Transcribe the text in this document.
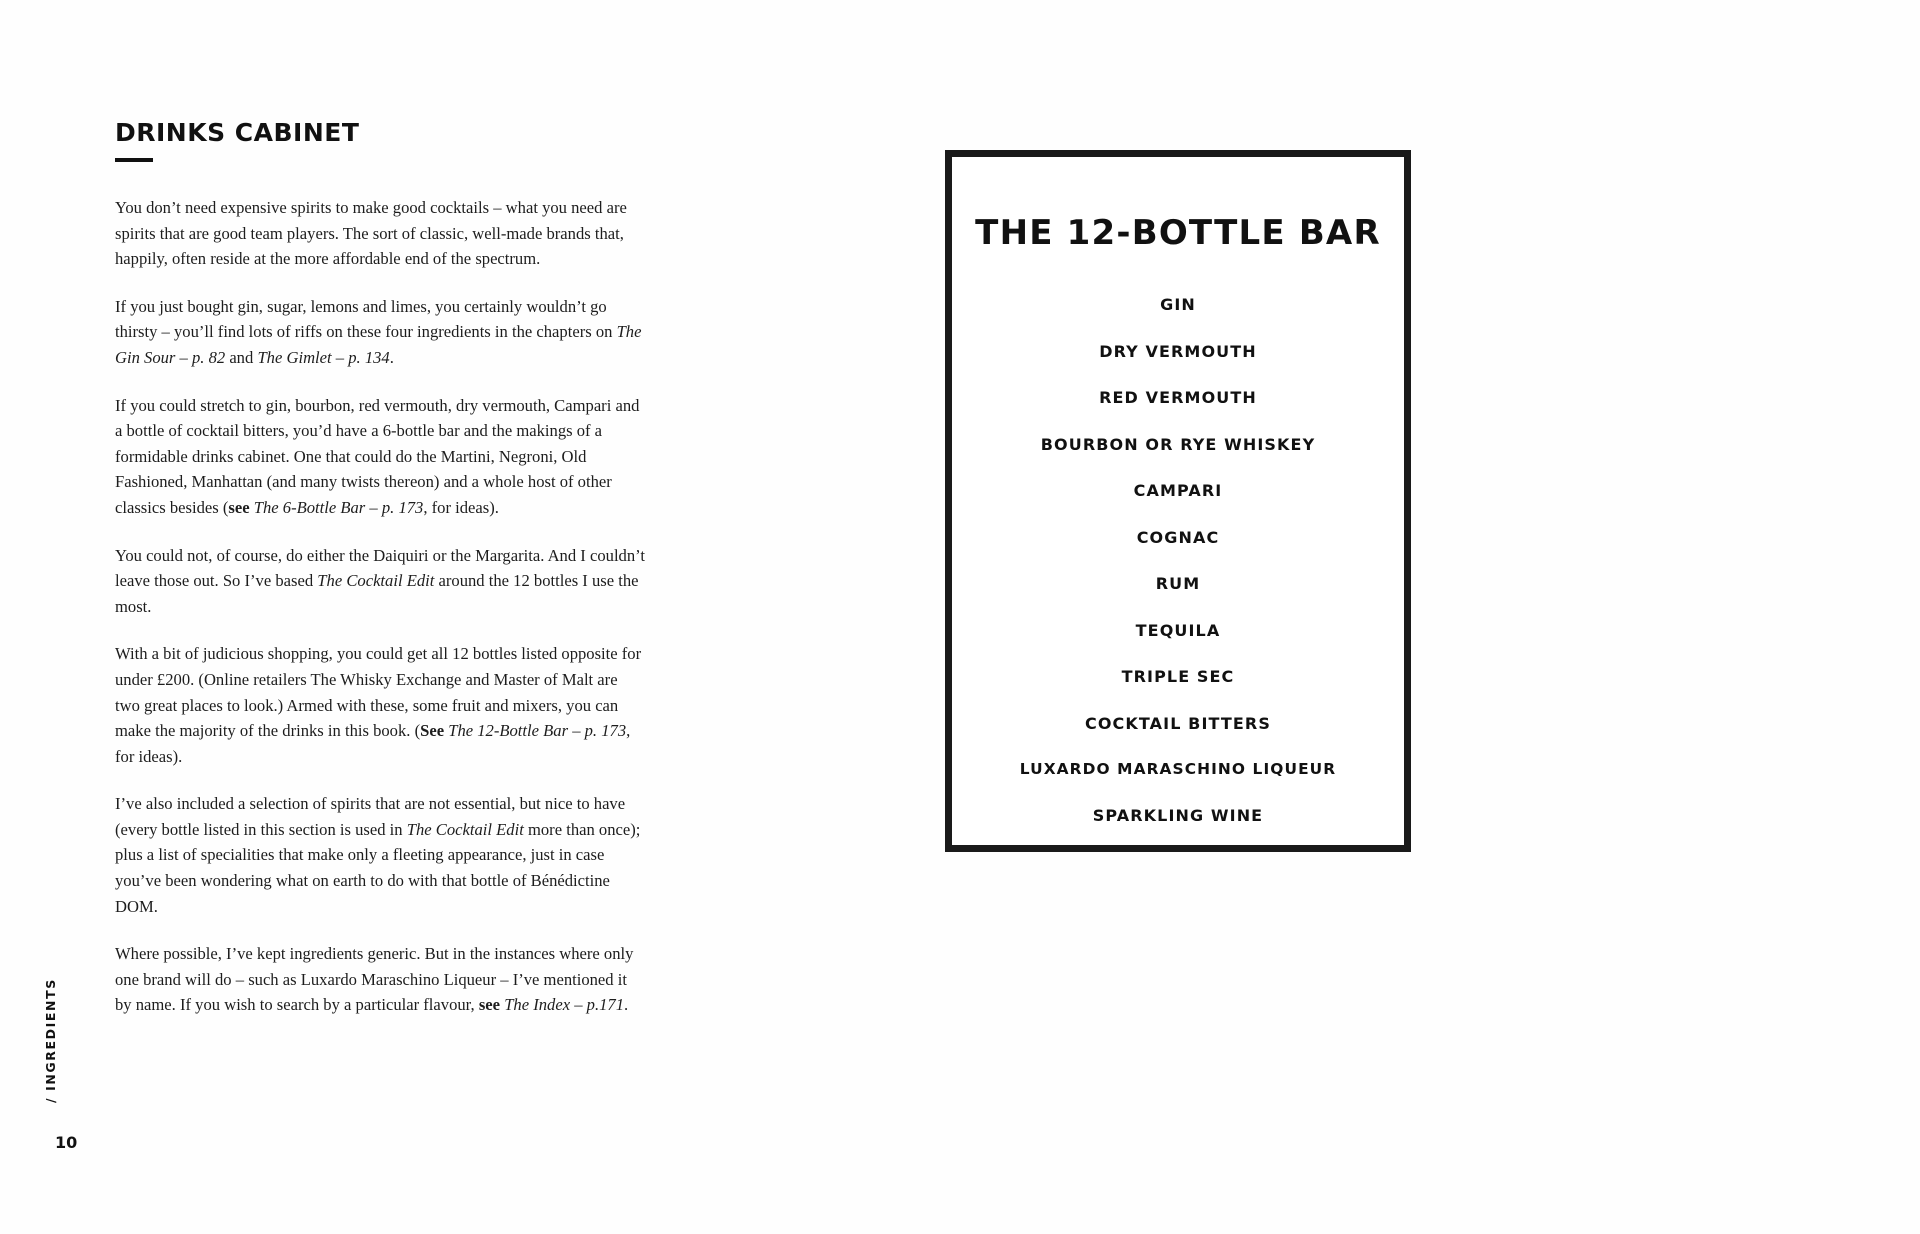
DRINKS CABINET

You don’t need expensive spirits to make good cocktails – what you need are spirits that are good team players. The sort of classic, well-made brands that, happily, often reside at the more affordable end of the spectrum.

If you just bought gin, sugar, lemons and limes, you certainly wouldn’t go thirsty – you’ll find lots of riffs on these four ingredients in the chapters on The Gin Sour – p. 82 and The Gimlet – p. 134.

If you could stretch to gin, bourbon, red vermouth, dry vermouth, Campari and a bottle of cocktail bitters, you’d have a 6-bottle bar and the makings of a formidable drinks cabinet. One that could do the Martini, Negroni, Old Fashioned, Manhattan (and many twists thereon) and a whole host of other classics besides (see The 6-Bottle Bar – p. 173, for ideas).

You could not, of course, do either the Daiquiri or the Margarita. And I couldn’t leave those out. So I’ve based The Cocktail Edit around the 12 bottles I use the most.

With a bit of judicious shopping, you could get all 12 bottles listed opposite for under £200. (Online retailers The Whisky Exchange and Master of Malt are two great places to look.) Armed with these, some fruit and mixers, you can make the majority of the drinks in this book. (See The 12-Bottle Bar – p. 173, for ideas).

I’ve also included a selection of spirits that are not essential, but nice to have (every bottle listed in this section is used in The Cocktail Edit more than once); plus a list of specialities that make only a fleeting appearance, just in case you’ve been wondering what on earth to do with that bottle of Bénédictine DOM.

Where possible, I’ve kept ingredients generic. But in the instances where only one brand will do – such as Luxardo Maraschino Liqueur – I’ve mentioned it by name. If you wish to search by a particular flavour, see The Index – p.171.

/ INGREDIENTS
10
THE 12-BOTTLE BAR
GIN
DRY VERMOUTH
RED VERMOUTH
BOURBON OR RYE WHISKEY
CAMPARI
COGNAC
RUM
TEQUILA
TRIPLE SEC
COCKTAIL BITTERS
LUXARDO MARASCHINO LIQUEUR
SPARKLING WINE
